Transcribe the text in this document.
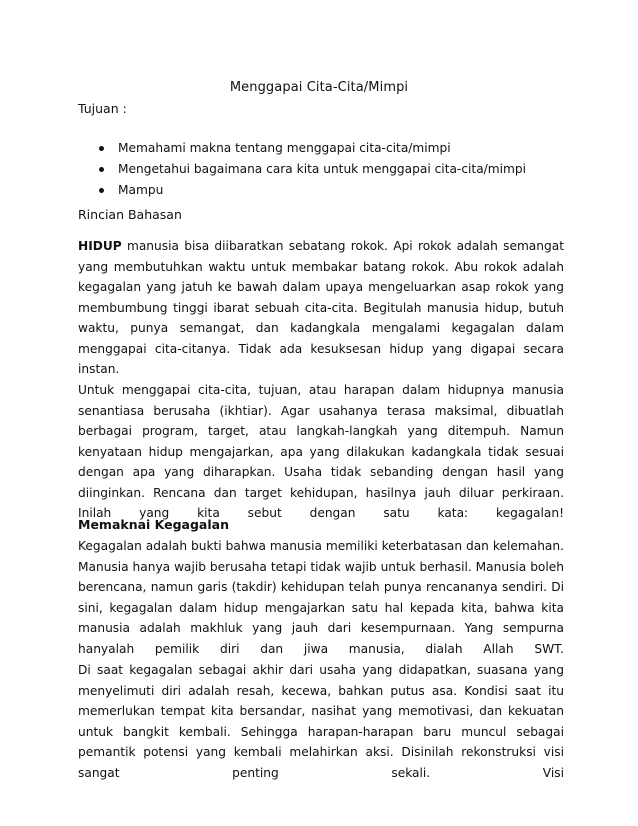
Menggapai Cita-Cita/Mimpi
Tujuan :
Memahami makna tentang menggapai cita-cita/mimpi
Mengetahui bagaimana cara kita untuk menggapai cita-cita/mimpi
Mampu
Rincian Bahasan
HIDUP manusia bisa diibaratkan sebatang rokok. Api rokok adalah semangat yang membutuhkan waktu untuk membakar batang rokok. Abu rokok adalah kegagalan yang jatuh ke bawah dalam upaya mengeluarkan asap rokok yang membumbung tinggi ibarat sebuah cita-cita. Begitulah manusia hidup, butuh waktu, punya semangat, dan kadangkala mengalami kegagalan dalam menggapai cita-citanya. Tidak ada kesuksesan hidup yang digapai secara instan.
Untuk menggapai cita-cita, tujuan, atau harapan dalam hidupnya manusia senantiasa berusaha (ikhtiar). Agar usahanya terasa maksimal, dibuatlah berbagai program, target, atau langkah-langkah yang ditempuh. Namun kenyataan hidup mengajarkan, apa yang dilakukan kadangkala tidak sesuai dengan apa yang diharapkan. Usaha tidak sebanding dengan hasil yang diinginkan. Rencana dan target kehidupan, hasilnya jauh diluar perkiraan. Inilah yang kita sebut dengan satu kata: kegagalan!
Memaknai Kegagalan
Kegagalan adalah bukti bahwa manusia memiliki keterbatasan dan kelemahan. Manusia hanya wajib berusaha tetapi tidak wajib untuk berhasil. Manusia boleh berencana, namun garis (takdir) kehidupan telah punya rencananya sendiri. Di sini, kegagalan dalam hidup mengajarkan satu hal kepada kita, bahwa kita manusia adalah makhluk yang jauh dari kesempurnaan. Yang sempurna hanyalah pemilik diri dan jiwa manusia, dialah Allah SWT.
Di saat kegagalan sebagai akhir dari usaha yang didapatkan, suasana yang menyelimuti diri adalah resah, kecewa, bahkan putus asa. Kondisi saat itu memerlukan tempat kita bersandar, nasihat yang memotivasi, dan kekuatan untuk bangkit kembali. Sehingga harapan-harapan baru muncul sebagai pemantik potensi yang kembali melahirkan aksi. Disinilah rekonstruksi visi sangat penting sekali. Visi
